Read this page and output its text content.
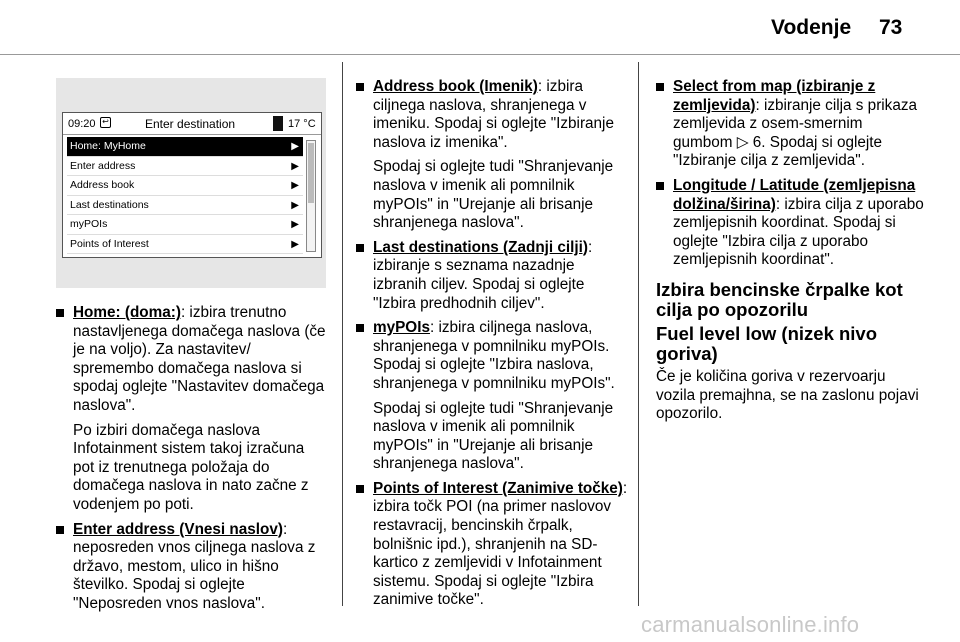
Vodenje 73
09:20 ↩	Enter destination	17 °C
Home: MyHome	▶
Enter address	▶
Address book	▶
Last destinations	▶
myPOIs	▶
Points of Interest	▶

Home: (doma:): izbira trenutno nastavljenega domačega naslova (če je na voljo). Za nastavitev/ spremembo domačega naslova si spodaj oglejte "Nastavitev domačega naslova".

Po izbiri domačega naslova Infotainment sistem takoj izračuna pot iz trenutnega položaja do domačega naslova in nato začne z vodenjem po poti.

Enter address (Vnesi naslov): neposreden vnos ciljnega naslova z državo, mestom, ulico in hišno številko. Spodaj si oglejte "Neposreden vnos naslova".

Address book (Imenik): izbira ciljnega naslova, shranjenega v imeniku. Spodaj si oglejte "Izbiranje naslova iz imenika".

Spodaj si oglejte tudi "Shranjevanje naslova v imenik ali pomnilnik myPOIs" in "Urejanje ali brisanje shranjenega naslova".

Last destinations (Zadnji cilji): izbiranje s seznama nazadnje izbranih ciljev. Spodaj si oglejte "Izbira predhodnih ciljev".

myPOIs: izbira ciljnega naslova, shranjenega v pomnilniku myPOIs. Spodaj si oglejte "Izbira naslova, shranjenega v pomnilniku myPOIs".

Spodaj si oglejte tudi "Shranjevanje naslova v imenik ali pomnilnik myPOIs" in "Urejanje ali brisanje shranjenega naslova".

Points of Interest (Zanimive točke): izbira točk POI (na primer naslovov restavracij, bencinskih črpalk, bolnišnic ipd.), shranjenih na SD-kartico z zemljevidi v Infotainment sistemu. Spodaj si oglejte "Izbira zanimive točke".

Select from map (izbiranje z zemljevida): izbiranje cilja s prikaza zemljevida z osem-smernim gumbom ▷ 6. Spodaj si oglejte "Izbiranje cilja z zemljevida".

Longitude / Latitude (zemljepisna dolžina/širina): izbira cilja z uporabo zemljepisnih koordinat. Spodaj si oglejte "Izbira cilja z uporabo zemljepisnih koordinat".

Izbira bencinske črpalke kot cilja po opozorilu
Fuel level low (nizek nivo goriva)

Če je količina goriva v rezervoarju vozila premajhna, se na zaslonu pojavi opozorilo.

carmanualsonline.info
